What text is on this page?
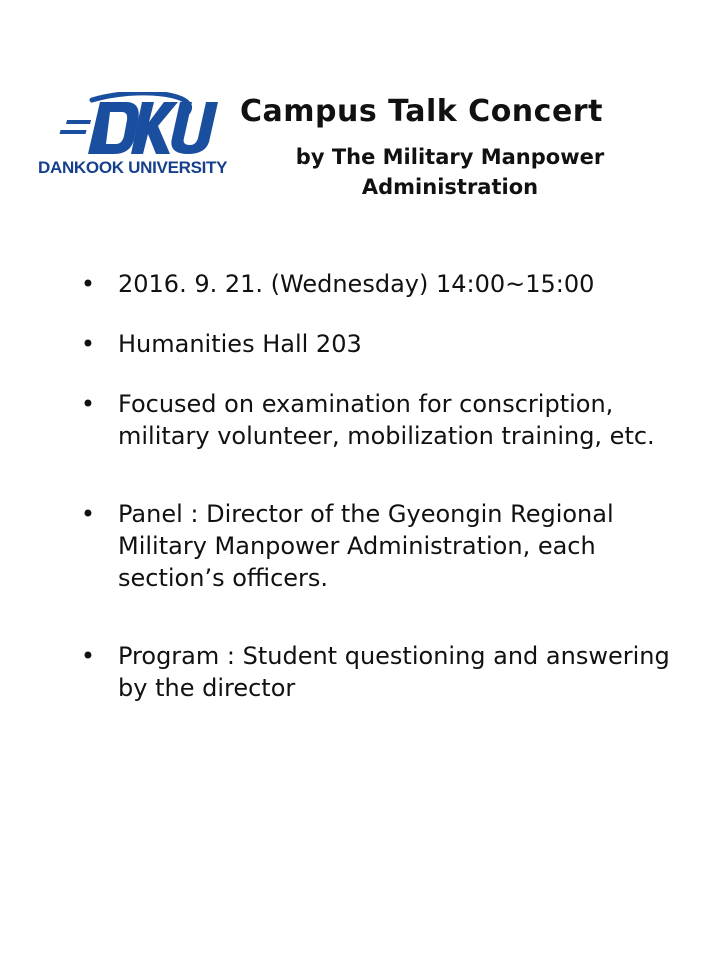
DANKOOK UNIVERSITY
Campus Talk Concert

by The Military Manpower Administration

• 2016. 9. 21. (Wednesday) 14:00~15:00
• Humanities Hall 203
• Focused on examination for conscription, military volunteer, mobilization training, etc.
• Panel : Director of the Gyeongin Regional Military Manpower Administration, each section’s officers.
• Program : Student questioning and answering by the director
